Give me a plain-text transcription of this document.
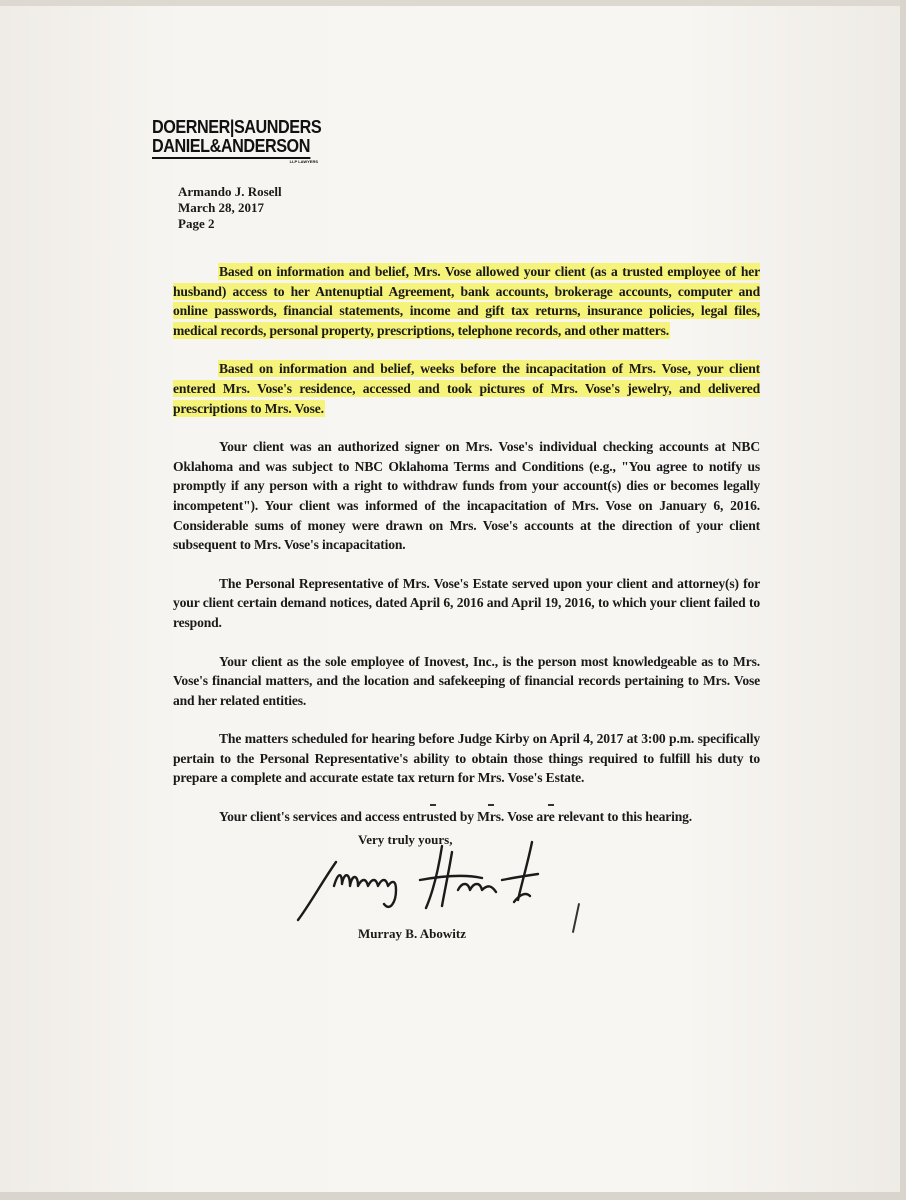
DOERNER|SAUNDERS
DANIEL&ANDERSON
LLP LAWYERS
Armando J. Rosell
March 28, 2017
Page 2

Based on information and belief, Mrs. Vose allowed your client (as a trusted employee of her husband) access to her Antenuptial Agreement, bank accounts, brokerage accounts, computer and online passwords, financial statements, income and gift tax returns, insurance policies, legal files, medical records, personal property, prescriptions, telephone records, and other matters.

Based on information and belief, weeks before the incapacitation of Mrs. Vose, your client entered Mrs. Vose's residence, accessed and took pictures of Mrs. Vose's jewelry, and delivered prescriptions to Mrs. Vose.

Your client was an authorized signer on Mrs. Vose's individual checking accounts at NBC Oklahoma and was subject to NBC Oklahoma Terms and Conditions (e.g., "You agree to notify us promptly if any person with a right to withdraw funds from your account(s) dies or becomes legally incompetent"). Your client was informed of the incapacitation of Mrs. Vose on January 6, 2016. Considerable sums of money were drawn on Mrs. Vose's accounts at the direction of your client subsequent to Mrs. Vose's incapacitation.

The Personal Representative of Mrs. Vose's Estate served upon your client and attorney(s) for your client certain demand notices, dated April 6, 2016 and April 19, 2016, to which your client failed to respond.

Your client as the sole employee of Inovest, Inc., is the person most knowledgeable as to Mrs. Vose's financial matters, and the location and safekeeping of financial records pertaining to Mrs. Vose and her related entities.

The matters scheduled for hearing before Judge Kirby on April 4, 2017 at 3:00 p.m. specifically pertain to the Personal Representative's ability to obtain those things required to fulfill his duty to prepare a complete and accurate estate tax return for Mrs. Vose's Estate.

Your client's services and access entrusted by Mrs. Vose are relevant to this hearing.

Very truly yours,
Murray B. Abowitz
